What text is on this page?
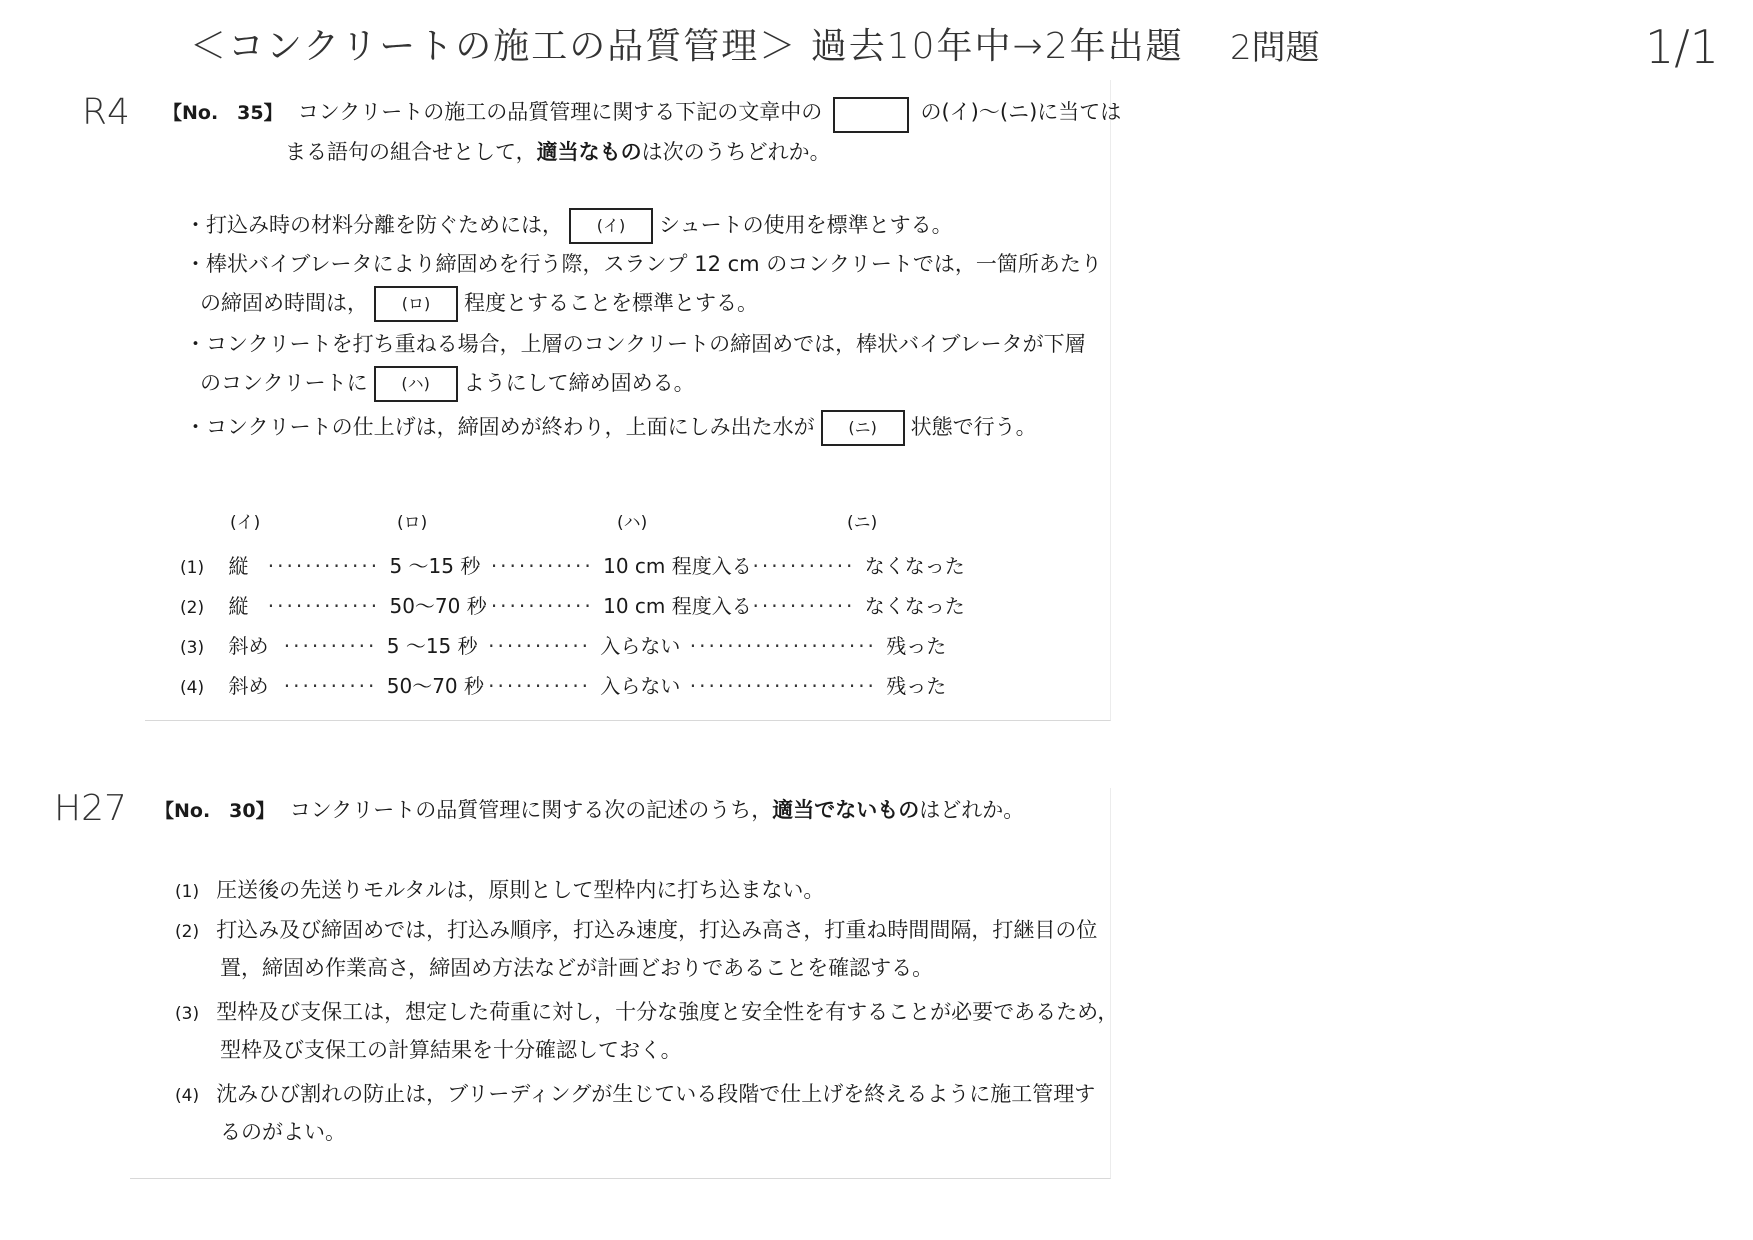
＜コンクリートの施工の品質管理＞ 過去10年中→2年出題 2問題	1/1
R4
H27
【No.　35】 コンクリートの施工の品質管理に関する下記の文章中の	の(イ)～(ニ)に当ては
まる語句の組合せとして，適当なものは次のうちどれか。
・打込み時の材料分離を防ぐためには， (イ) シュートの使用を標準とする。
・棒状バイブレータにより締固めを行う際，スランプ 12 cm のコンクリートでは，一箇所あたり
の締固め時間は， (ロ) 程度とすることを標準とする。
・コンクリートを打ち重ねる場合，上層のコンクリートの締固めでは，棒状バイブレータが下層
のコンクリートに (ハ) ようにして締め固める。
・コンクリートの仕上げは，締固めが終わり，上面にしみ出た水が (ニ) 状態で行う。
(イ)	(ロ)	(ハ)	(ニ)
(1) 縦 ············ 5 ～15 秒 ··········· 10 cm 程度入る ··········· なくなった
(2) 縦 ············ 50～70 秒 ··········· 10 cm 程度入る ··········· なくなった
(3) 斜め ·········· 5 ～15 秒 ··········· 入らない ···················· 残った
(4) 斜め ·········· 50～70 秒 ··········· 入らない ···················· 残った
【No.　30】 コンクリートの品質管理に関する次の記述のうち，適当でないものはどれか。
(1) 圧送後の先送りモルタルは，原則として型枠内に打ち込まない。
(2) 打込み及び締固めでは，打込み順序，打込み速度，打込み高さ，打重ね時間間隔，打継目の位
置，締固め作業高さ，締固め方法などが計画どおりであることを確認する。
(3) 型枠及び支保工は，想定した荷重に対し，十分な強度と安全性を有することが必要であるため，
型枠及び支保工の計算結果を十分確認しておく。
(4) 沈みひび割れの防止は，ブリーディングが生じている段階で仕上げを終えるように施工管理す
るのがよい。
